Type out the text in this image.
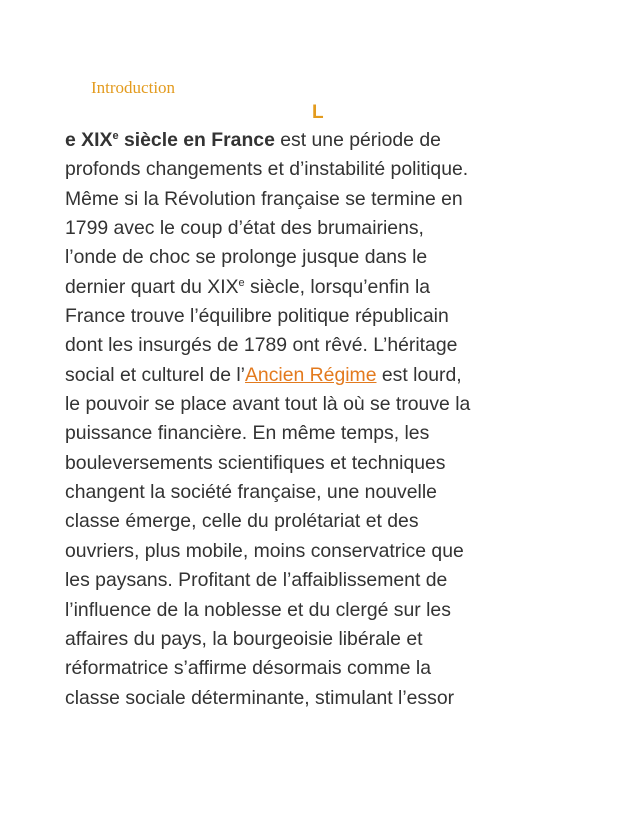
Introduction
L

e XIXe siècle en France est une période de
profonds changements et d’instabilité politique.
Même si la Révolution française se termine en
1799 avec le coup d’état des brumairiens,
l’onde de choc se prolonge jusque dans le
dernier quart du XIXe siècle, lorsqu’enfin la
France trouve l’équilibre politique républicain
dont les insurgés de 1789 ont rêvé. L’héritage
social et culturel de l’Ancien Régime est lourd,
le pouvoir se place avant tout là où se trouve la
puissance financière. En même temps, les
bouleversements scientifiques et techniques
changent la société française, une nouvelle
classe émerge, celle du prolétariat et des
ouvriers, plus mobile, moins conservatrice que
les paysans. Profitant de l’affaiblissement de
l’influence de la noblesse et du clergé sur les
affaires du pays, la bourgeoisie libérale et
réformatrice s’affirme désormais comme la
classe sociale déterminante, stimulant l’essor
